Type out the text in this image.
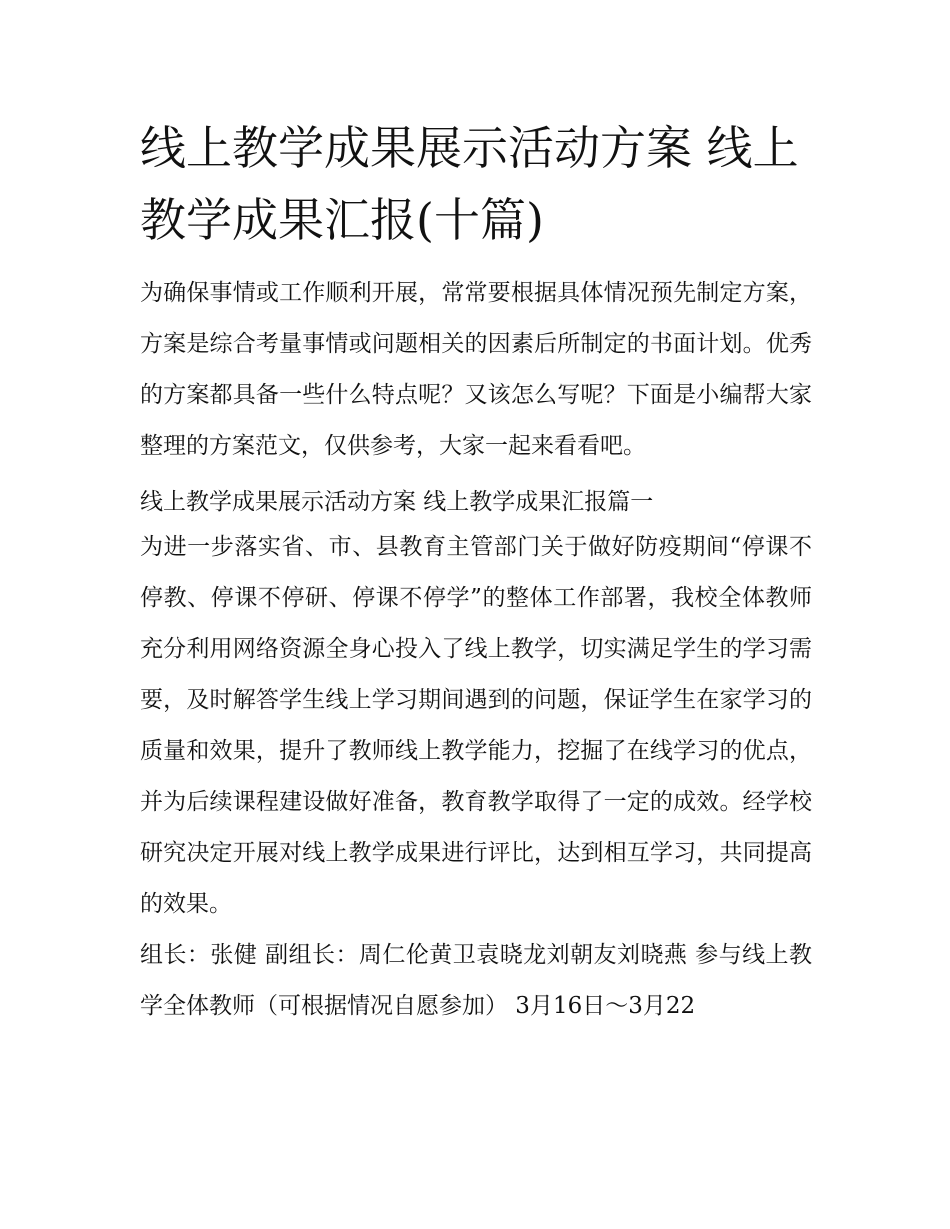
线上教学成果展示活动方案 线上教学成果汇报(十篇)

为确保事情或工作顺利开展，常常要根据具体情况预先制定方案，方案是综合考量事情或问题相关的因素后所制定的书面计划。优秀的方案都具备一些什么特点呢？又该怎么写呢？下面是小编帮大家整理的方案范文，仅供参考，大家一起来看看吧。

线上教学成果展示活动方案 线上教学成果汇报篇一

为进一步落实省、市、县教育主管部门关于做好防疫期间“停课不停教、停课不停研、停课不停学”的整体工作部署，我校全体教师充分利用网络资源全身心投入了线上教学，切实满足学生的学习需要，及时解答学生线上学习期间遇到的问题，保证学生在家学习的质量和效果，提升了教师线上教学能力，挖掘了在线学习的优点，并为后续课程建设做好准备，教育教学取得了一定的成效。经学校研究决定开展对线上教学成果进行评比，达到相互学习，共同提高的效果。

组长：张健 副组长：周仁伦黄卫袁晓龙刘朝友刘晓燕 参与线上教学全体教师（可根据情况自愿参加） 3月16日～3月22
